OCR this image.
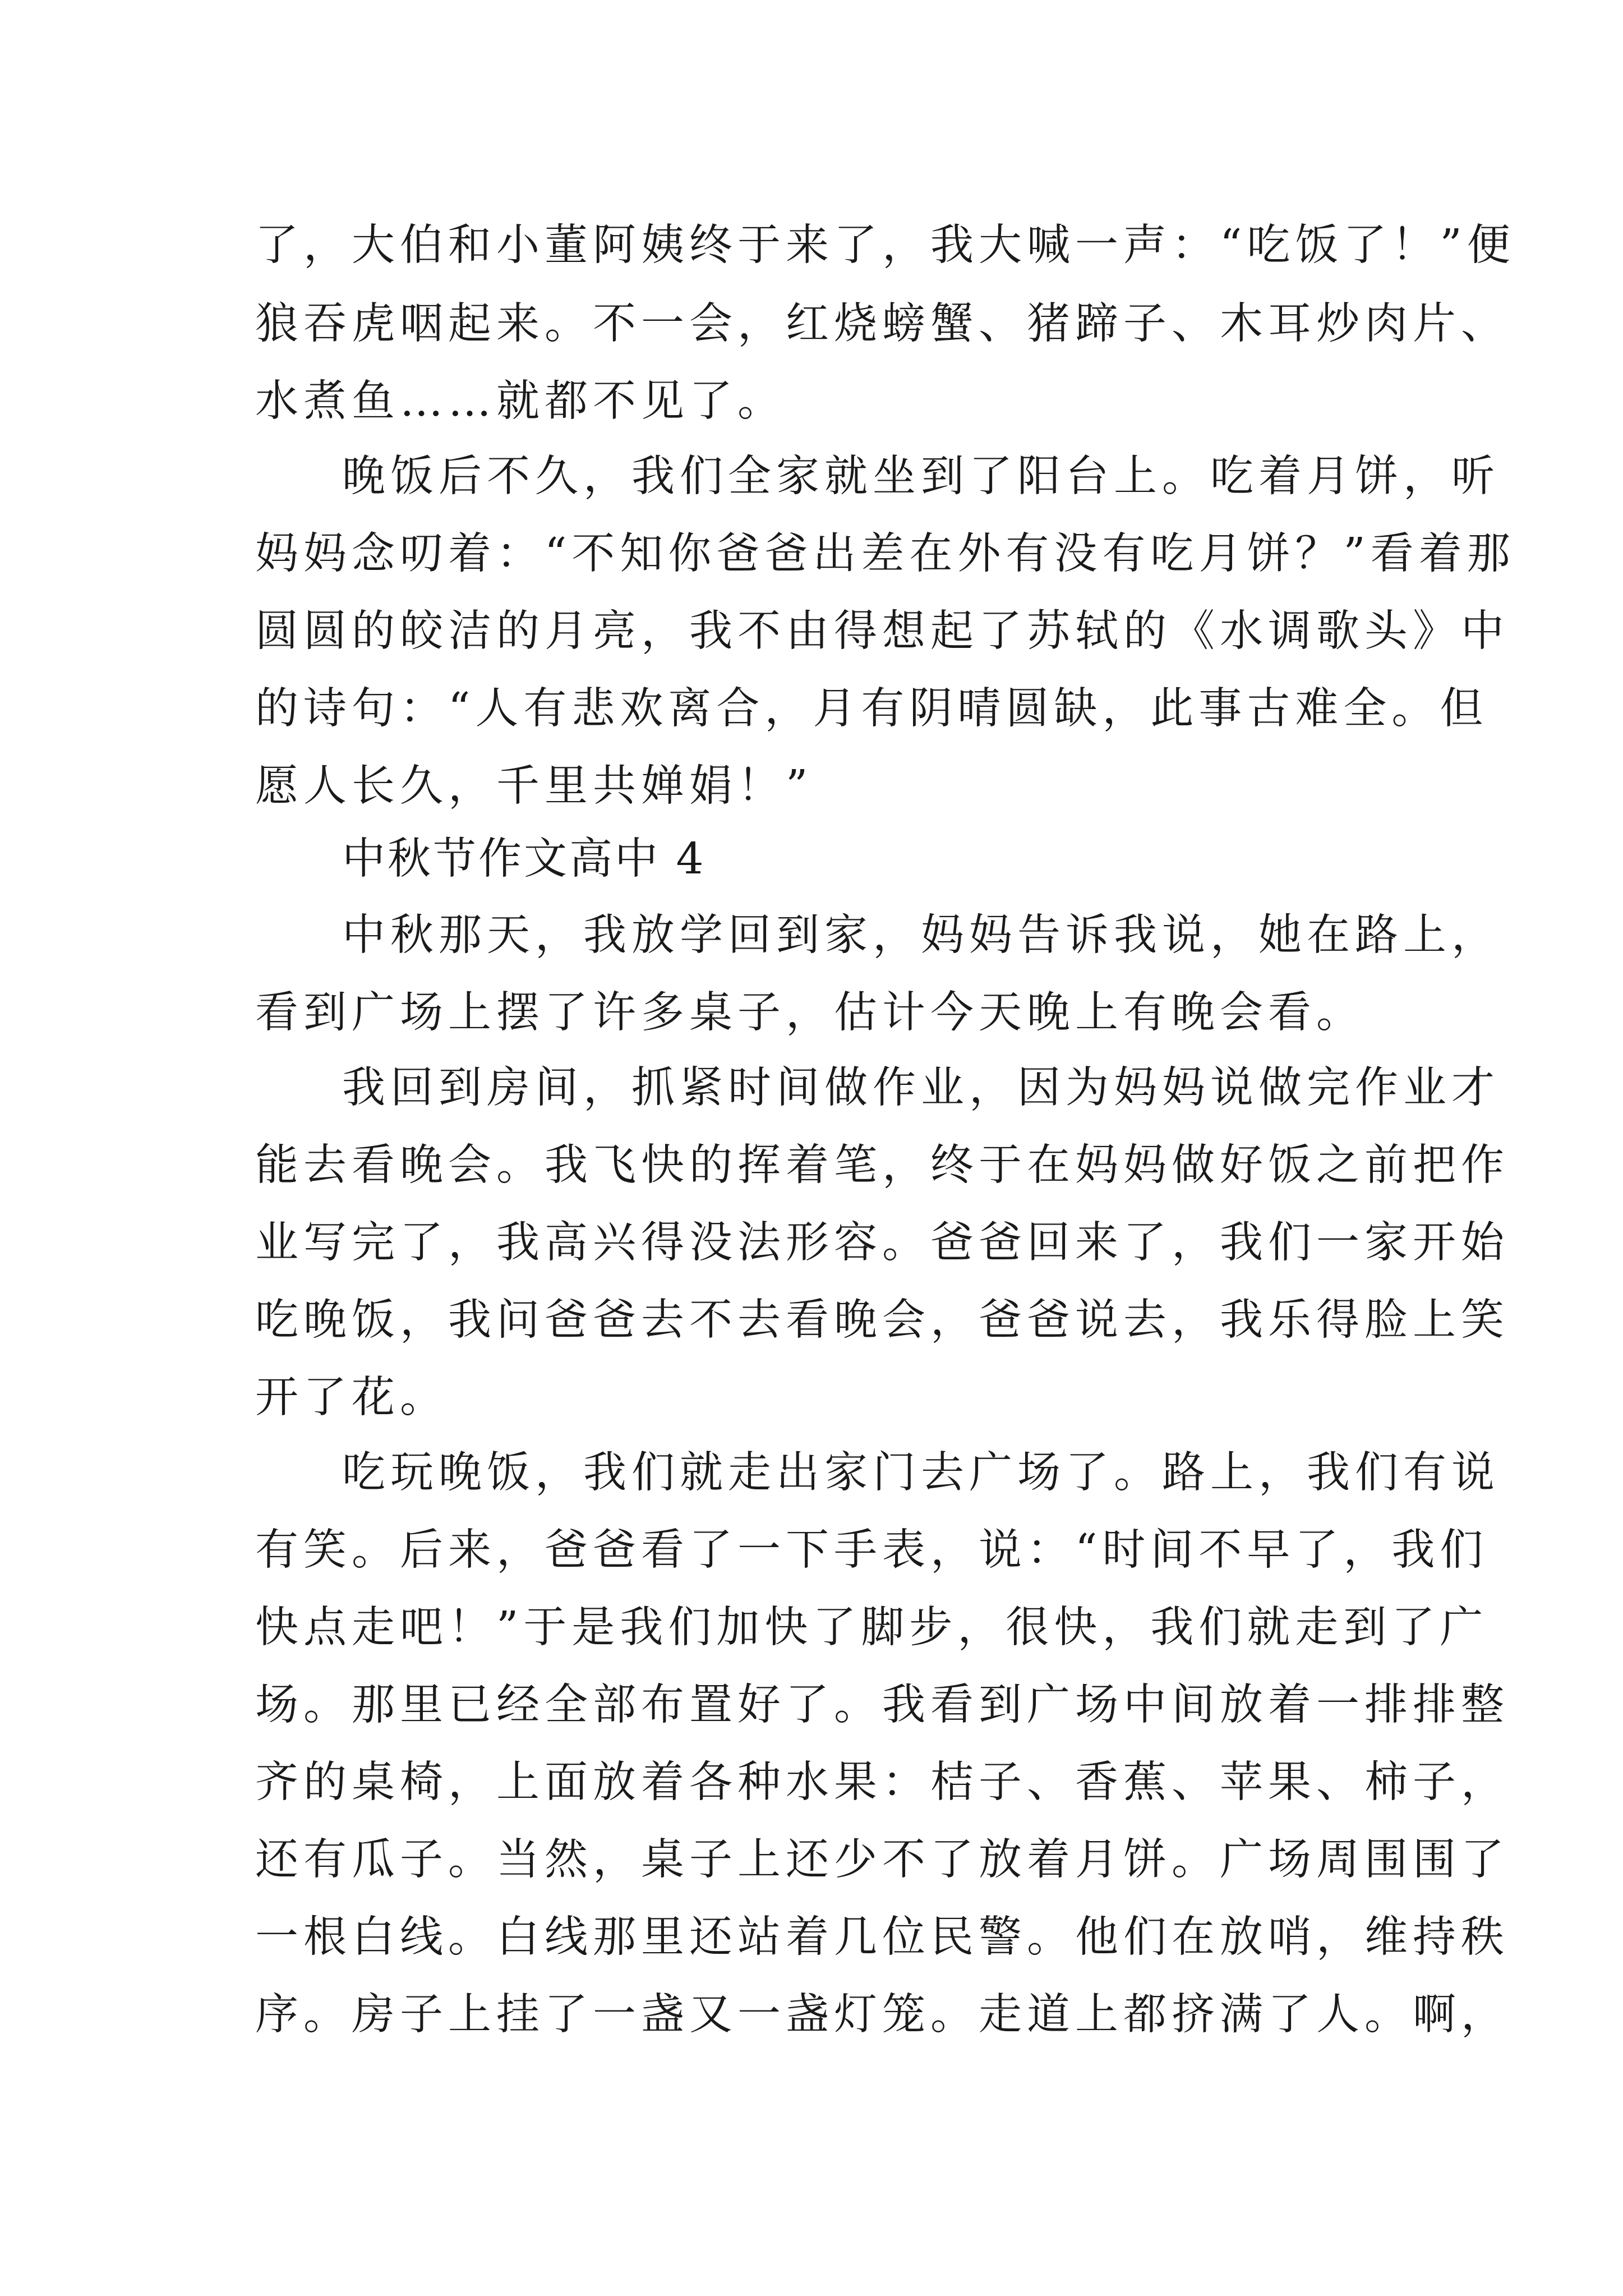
了，大伯和小董阿姨终于来了，我大喊一声：“吃饭了！”便
狼吞虎咽起来。不一会，红烧螃蟹、猪蹄子、木耳炒肉片、
水煮鱼……就都不见了。
晚饭后不久，我们全家就坐到了阳台上。吃着月饼，听
妈妈念叨着：“不知你爸爸出差在外有没有吃月饼？”看着那
圆圆的皎洁的月亮，我不由得想起了苏轼的《水调歌头》中
的诗句：“人有悲欢离合，月有阴晴圆缺，此事古难全。但
愿人长久，千里共婵娟！”
中秋节作文高中 4
中秋那天，我放学回到家，妈妈告诉我说，她在路上，
看到广场上摆了许多桌子，估计今天晚上有晚会看。
我回到房间，抓紧时间做作业，因为妈妈说做完作业才
能去看晚会。我飞快的挥着笔，终于在妈妈做好饭之前把作
业写完了，我高兴得没法形容。爸爸回来了，我们一家开始
吃晚饭，我问爸爸去不去看晚会，爸爸说去，我乐得脸上笑
开了花。
吃玩晚饭，我们就走出家门去广场了。路上，我们有说
有笑。后来，爸爸看了一下手表，说：“时间不早了，我们
快点走吧！”于是我们加快了脚步，很快，我们就走到了广
场。那里已经全部布置好了。我看到广场中间放着一排排整
齐的桌椅，上面放着各种水果：桔子、香蕉、苹果、柿子，
还有瓜子。当然，桌子上还少不了放着月饼。广场周围围了
一根白线。白线那里还站着几位民警。他们在放哨，维持秩
序。房子上挂了一盏又一盏灯笼。走道上都挤满了人。啊，
